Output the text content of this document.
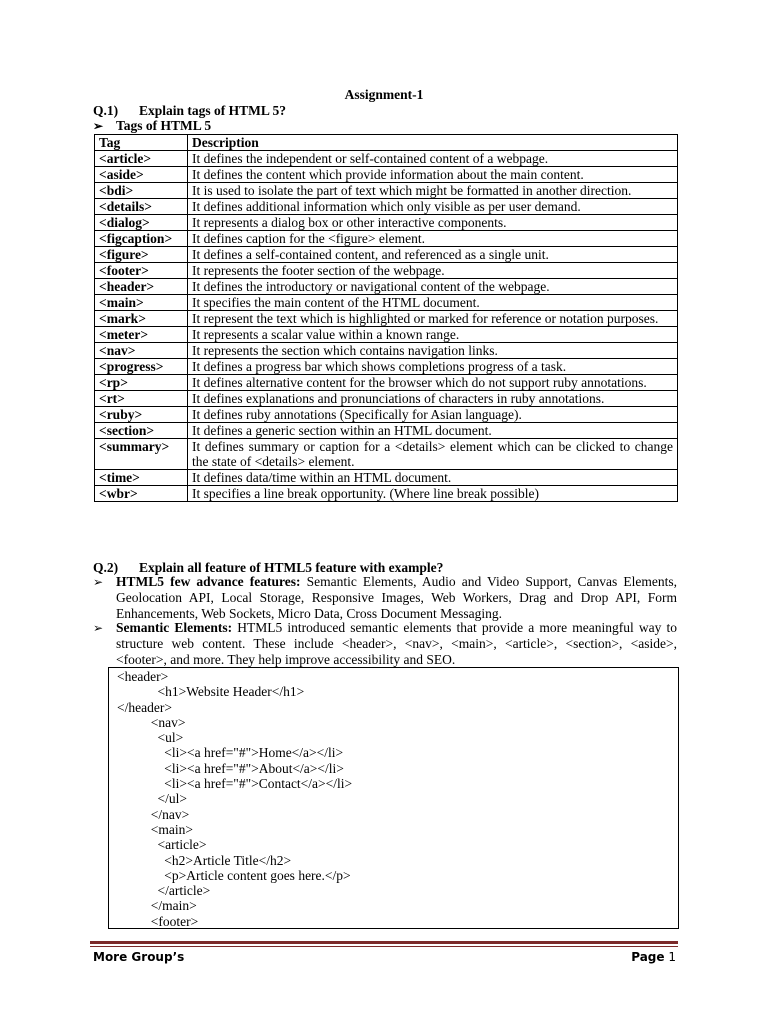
Assignment-1
Q.1) Explain tags of HTML 5?
➢ Tags of HTML 5
Tag	Description
<article>	It defines the independent or self-contained content of a webpage.
<aside>	It defines the content which provide information about the main content.
<bdi>	It is used to isolate the part of text which might be formatted in another direction.
<details>	It defines additional information which only visible as per user demand.
<dialog>	It represents a dialog box or other interactive components.
<figcaption>	It defines caption for the <figure> element.
<figure>	It defines a self-contained content, and referenced as a single unit.
<footer>	It represents the footer section of the webpage.
<header>	It defines the introductory or navigational content of the webpage.
<main>	It specifies the main content of the HTML document.
<mark>	It represent the text which is highlighted or marked for reference or notation purposes.
<meter>	It represents a scalar value within a known range.
<nav>	It represents the section which contains navigation links.
<progress>	It defines a progress bar which shows completions progress of a task.
<rp>	It defines alternative content for the browser which do not support ruby annotations.
<rt>	It defines explanations and pronunciations of characters in ruby annotations.
<ruby>	It defines ruby annotations (Specifically for Asian language).
<section>	It defines a generic section within an HTML document.
<summary>	It defines summary or caption for a <details> element which can be clicked to change the state of <details> element.
<time>	It defines data/time within an HTML document.
<wbr>	It specifies a line break opportunity. (Where line break possible)
Q.2) Explain all feature of HTML5 feature with example?
➢ HTML5 few advance features: Semantic Elements, Audio and Video Support, Canvas Elements, Geolocation API, Local Storage, Responsive Images, Web Workers, Drag and Drop API, Form Enhancements, Web Sockets, Micro Data, Cross Document Messaging.
➢ Semantic Elements: HTML5 introduced semantic elements that provide a more meaningful way to structure web content. These include <header>, <nav>, <main>, <article>, <section>, <aside>, <footer>, and more. They help improve accessibility and SEO.
<header>
<h1>Website Header</h1>
</header>
<nav>
<ul>
<li><a href="#">Home</a></li>
<li><a href="#">About</a></li>
<li><a href="#">Contact</a></li>
</ul>
</nav>
<main>
<article>
<h2>Article Title</h2>
<p>Article content goes here.</p>
</article>
</main>
<footer>
More Group’s	Page 1
